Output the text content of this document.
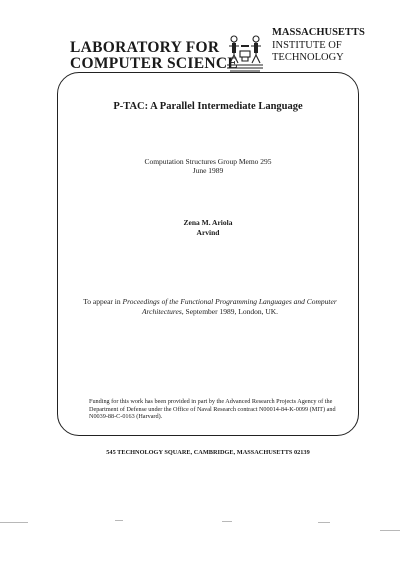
LABORATORY FOR
COMPUTER SCIENCE
MASSACHUSETTS
INSTITUTE OF
TECHNOLOGY
P-TAC: A Parallel Intermediate Language
Computation Structures Group Memo 295
June 1989
Zena M. Ariola
Arvind
To appear in Proceedings of the Functional Programming Languages and Computer Architectures, September 1989, London, UK.
Funding for this work has been provided in part by the Advanced Research Projects Agency of the Department of Defense under the Office of Naval Research contract N00014-84-K-0099 (MIT) and N0039-88-C-0163 (Harvard).
545 TECHNOLOGY SQUARE, CAMBRIDGE, MASSACHUSETTS 02139
